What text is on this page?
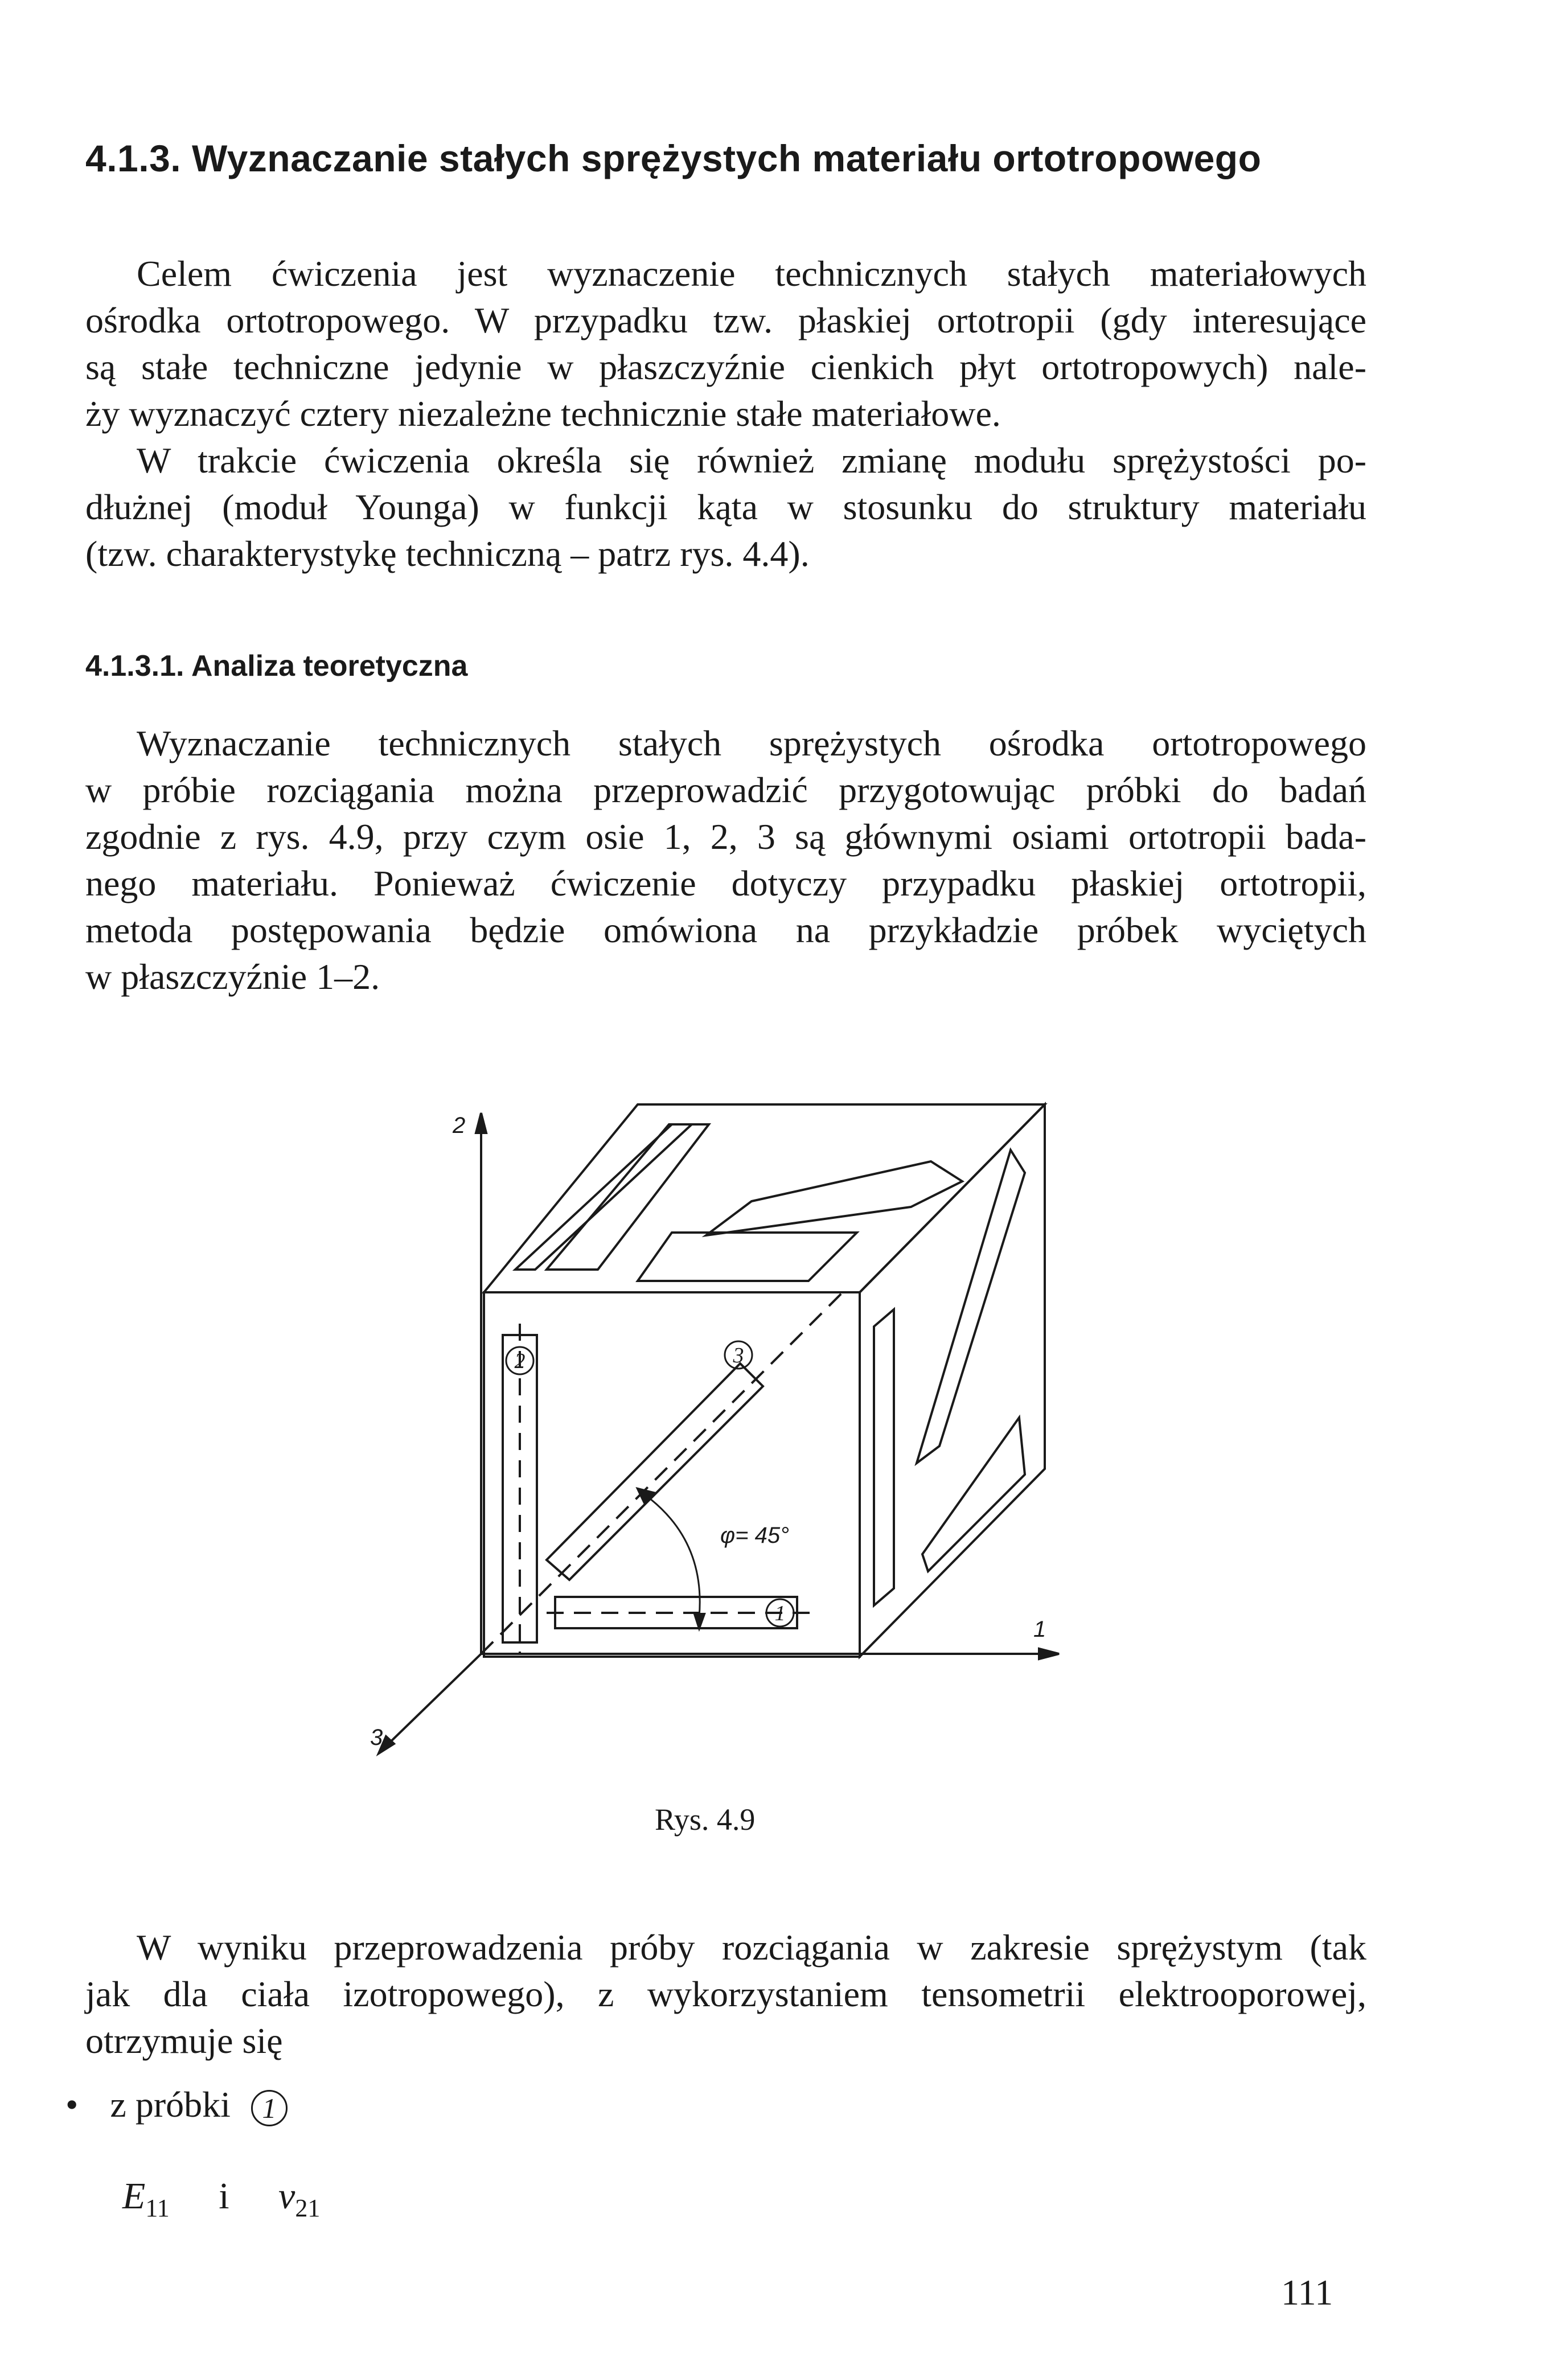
4.1.3. Wyznaczanie stałych sprężystych materiału ortotropowego
Celem ćwiczenia jest wyznaczenie technicznych stałych materiałowych
ośrodka ortotropowego. W przypadku tzw. płaskiej ortotropii (gdy interesujące
są stałe techniczne jedynie w płaszczyźnie cienkich płyt ortotropowych) nale-
ży wyznaczyć cztery niezależne technicznie stałe materiałowe.
W trakcie ćwiczenia określa się również zmianę modułu sprężystości po-
dłużnej (moduł Younga) w funkcji kąta w stosunku do struktury materiału
(tzw. charakterystykę techniczną – patrz rys. 4.4).
4.1.3.1. Analiza teoretyczna
Wyznaczanie technicznych stałych sprężystych ośrodka ortotropowego
w próbie rozciągania można przeprowadzić przygotowując próbki do badań
zgodnie z rys. 4.9, przy czym osie 1, 2, 3 są głównymi osiami ortotropii bada-
nego materiału. Ponieważ ćwiczenie dotyczy przypadku płaskiej ortotropii,
metoda postępowania będzie omówiona na przykładzie próbek wyciętych
w płaszczyźnie 1–2.
2	3
1
2
1
3
φ= 45°
Rys. 4.9
W wyniku przeprowadzenia próby rozciągania w zakresie sprężystym (tak
jak dla ciała izotropowego), z wykorzystaniem tensometrii elektrooporowej,
otrzymuje się
• z próbki 1
$E_{11}$ i $\nu_{21}$
111
